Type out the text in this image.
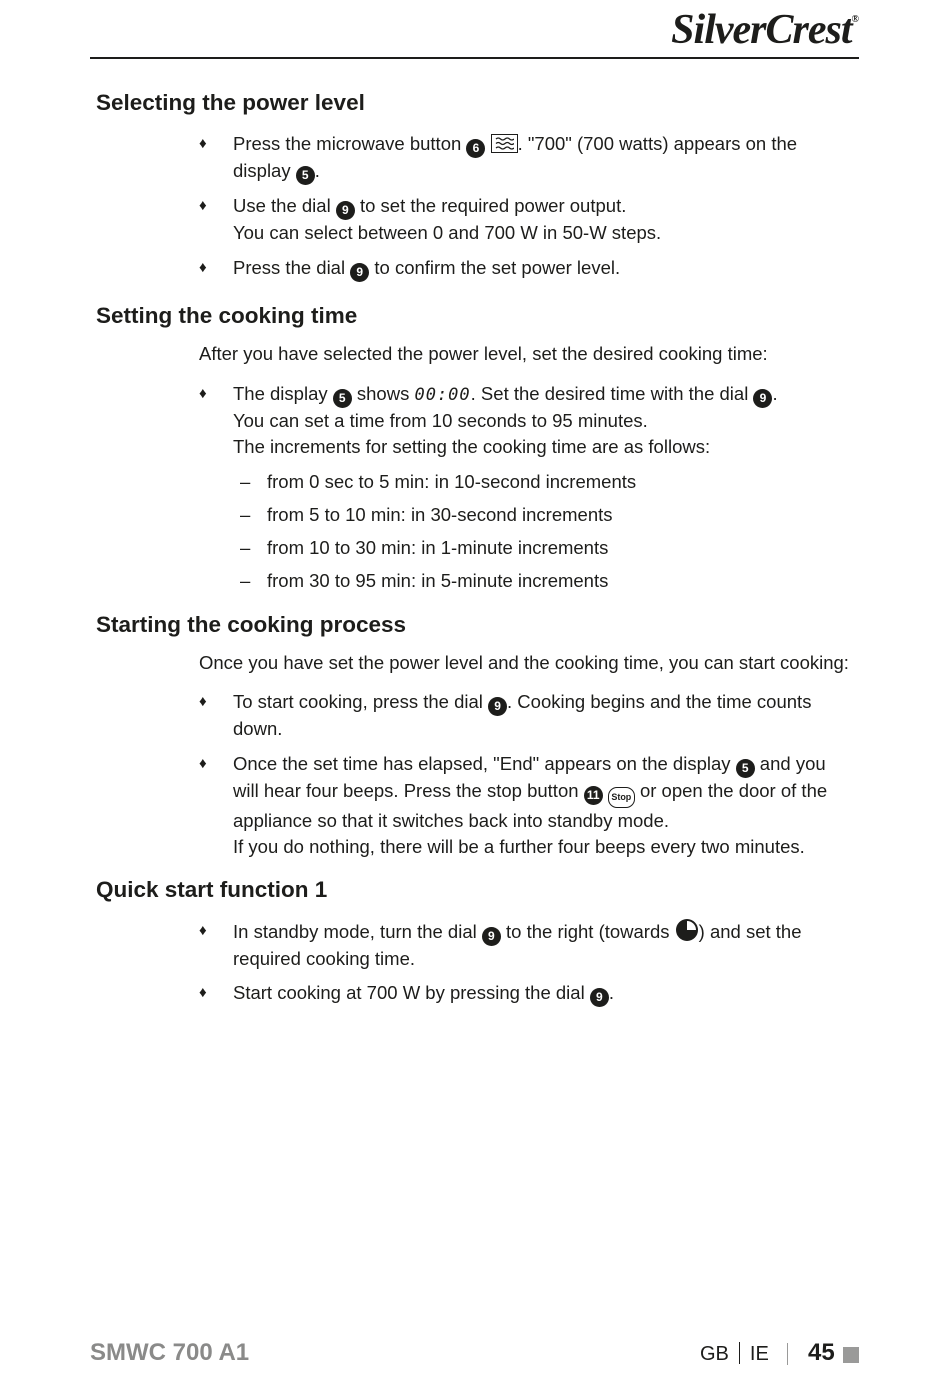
SilverCrest®
Selecting the power level
♦	Press the microwave button 6 . "700" (700 watts) appears on the
display 5 .
♦	Use the dial 9 to set the required power output.
You can select between 0 and 700 W in 50-W steps.
♦	Press the dial 9 to confirm the set power level.
Setting the cooking time

After you have selected the power level, set the desired cooking time:

♦	The display 5 shows 00:00. Set the desired time with the dial 9 .
You can set a time from 10 seconds to 95 minutes.
The increments for setting the cooking time are as follows:
– from 0 sec to 5 min: in 10-second increments
– from 5 to 10 min: in 30-second increments
– from 10 to 30 min: in 1-minute increments
– from 30 to 95 min: in 5-minute increments
Starting the cooking process

Once you have set the power level and the cooking time, you can start cooking:

♦	To start cooking, press the dial 9 . Cooking begins and the time counts
down.
♦	Once the set time has elapsed, "End" appears on the display 5 and you
will hear four beeps. Press the stop button 11 Stop or open the door of the
appliance so that it switches back into standby mode.
If you do nothing, there will be a further four beeps every two minutes.
Quick start function 1
♦	In standby mode, turn the dial 9 to the right (towards ) and set the
required cooking time.
♦	Start cooking at 700 W by pressing the dial 9 .
SMWC 700 A1	GB IE 45
